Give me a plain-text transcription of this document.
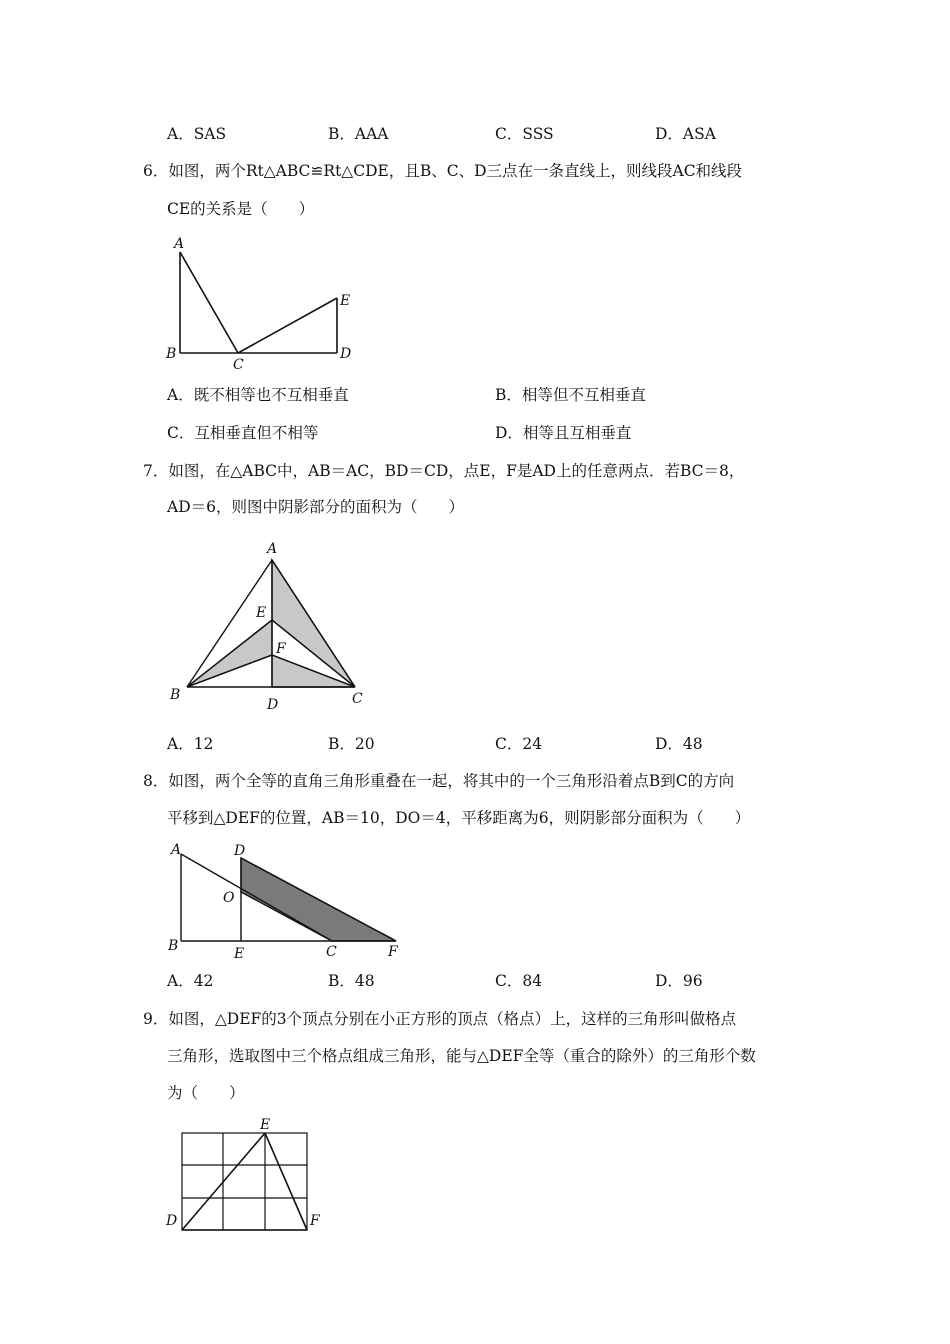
A．SAS	B．AAA	C．SSS	D．ASA
6．如图，两个Rt△ABC≌Rt△CDE，且B、C、D三点在一条直线上，则线段AC和线段
CE的关系是（　　）
A
B
C
D
E
A．既不相等也不互相垂直	B．相等但不互相垂直
C．互相垂直但不相等	D．相等且互相垂直
7．如图，在△ABC中，AB＝AC，BD＝CD，点E，F是AD上的任意两点．若BC＝8，
AD＝6，则图中阴影部分的面积为（　　）
A
B	C
D
E
F
A．12	B．20	C．24	D．48
8．如图，两个全等的直角三角形重叠在一起，将其中的一个三角形沿着点B到C的方向
平移到△DEF的位置，AB＝10，DO＝4，平移距离为6，则阴影部分面积为（　　）
A
B	C
D
E	F
O
A．42	B．48	C．84	D．96
9．如图，△DEF的3个顶点分别在小正方形的顶点（格点）上，这样的三角形叫做格点
三角形，选取图中三个格点组成三角形，能与△DEF全等（重合的除外）的三角形个数
为（　　）
E
D	F
